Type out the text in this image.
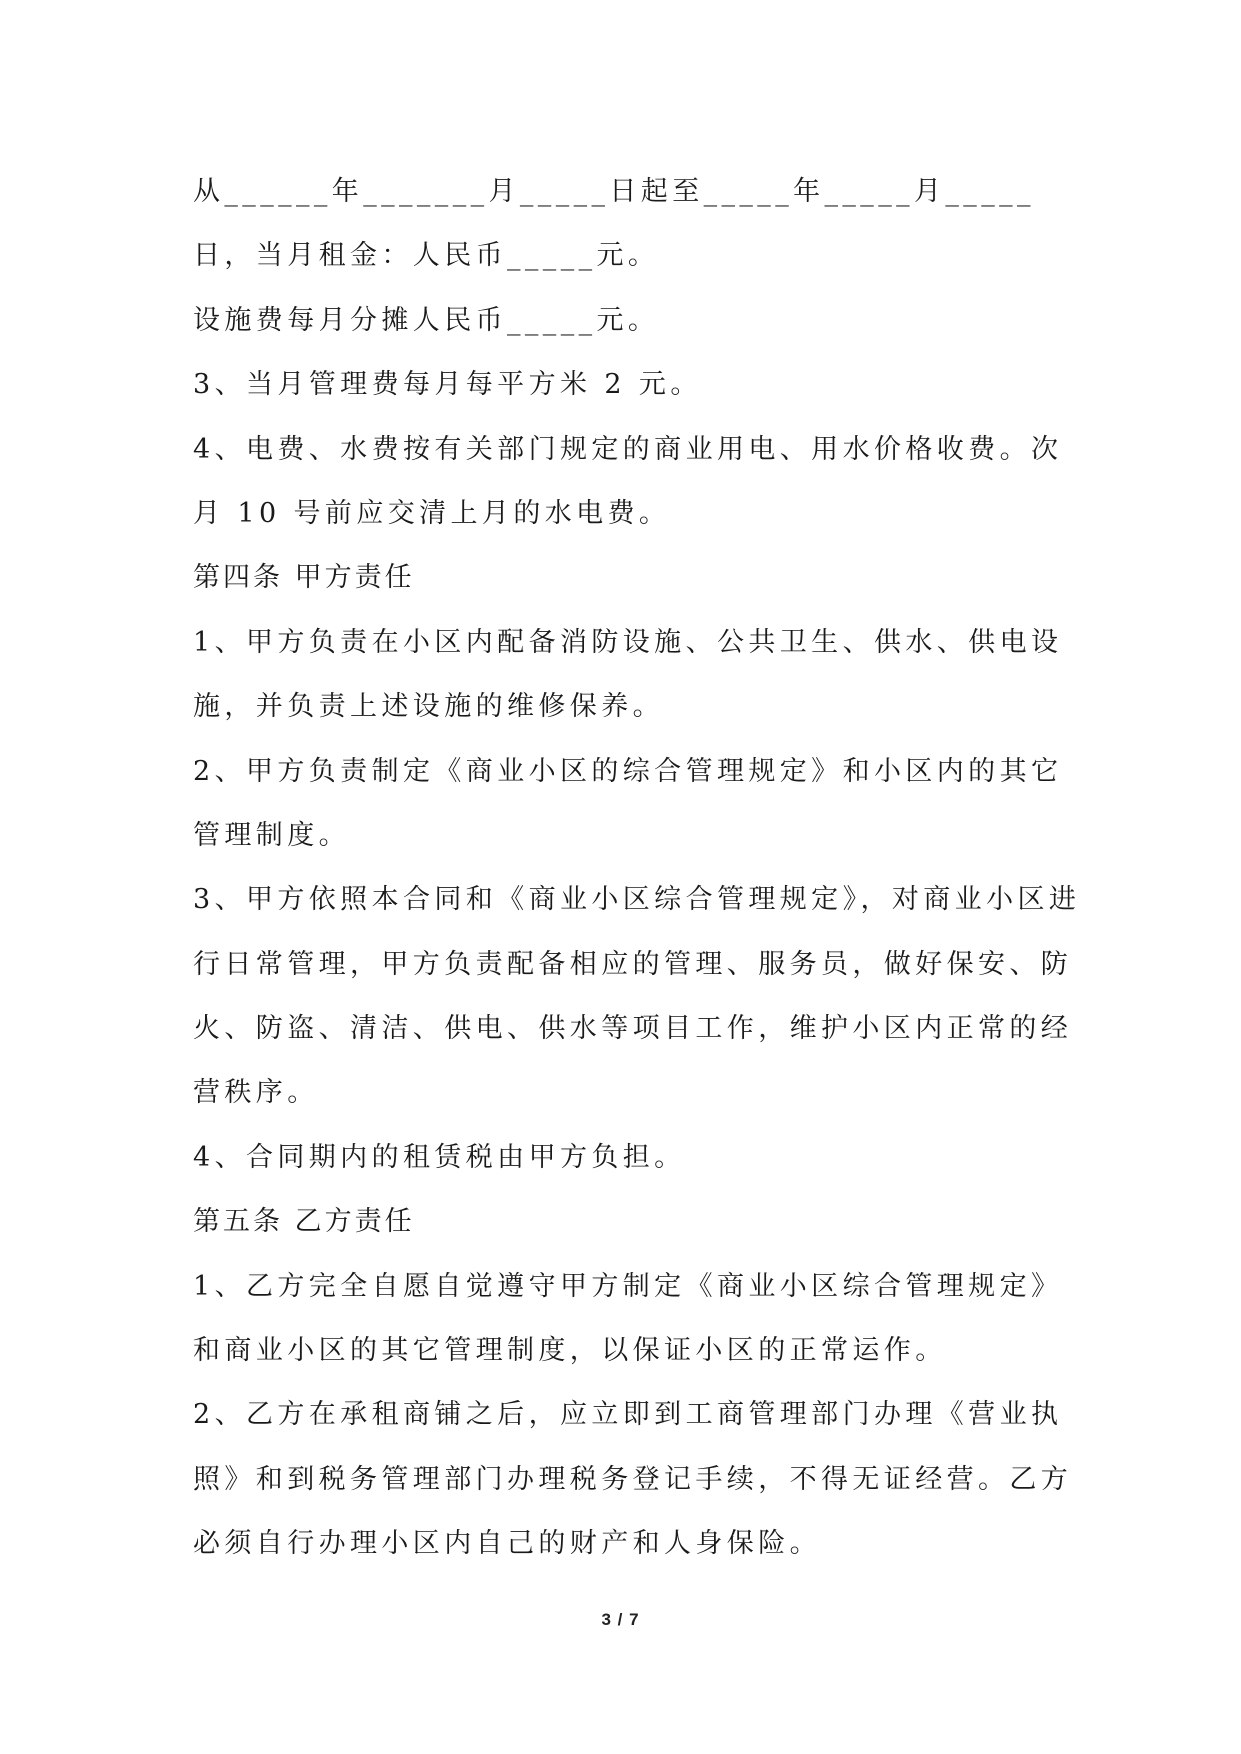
从______年_______月_____日起至_____年_____月_____
日，当月租金：人民币_____元。
设施费每月分摊人民币_____元。
3、当月管理费每月每平方米 2 元。
4、电费、水费按有关部门规定的商业用电、用水价格收费。次
月 10 号前应交清上月的水电费。
第四条 甲方责任
1、甲方负责在小区内配备消防设施、公共卫生、供水、供电设
施，并负责上述设施的维修保养。
2、甲方负责制定《商业小区的综合管理规定》和小区内的其它
管理制度。
3、甲方依照本合同和《商业小区综合管理规定》，对商业小区进
行日常管理，甲方负责配备相应的管理、服务员，做好保安、防
火、防盗、清洁、供电、供水等项目工作，维护小区内正常的经
营秩序。
4、合同期内的租赁税由甲方负担。
第五条 乙方责任
1、乙方完全自愿自觉遵守甲方制定《商业小区综合管理规定》
和商业小区的其它管理制度，以保证小区的正常运作。
2、乙方在承租商铺之后，应立即到工商管理部门办理《营业执
照》和到税务管理部门办理税务登记手续，不得无证经营。乙方
必须自行办理小区内自己的财产和人身保险。
3 / 7
